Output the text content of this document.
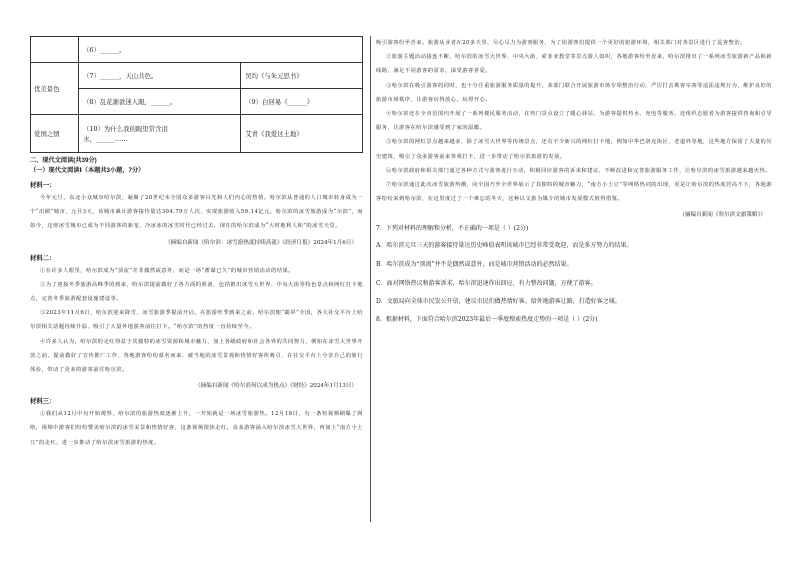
	（6）______。	
优美景色	（7）______，天山共色。	吴均《与朱元思书》
	（8）乱花渐欲迷人眼，______。	（9）白居易《______》
爱国之情	（10）为什么我的眼里常含泪
水，______……	艾青《我爱这土地》
二、现代文阅读(共39分)
（一）现代文阅读Ⅰ（本题共3小题，7分）
材料一：

今年元旦，东北小众城市哈尔滨，凝聚了20世纪末全国众多游客目光和人们内心的热情。哈尔滨从普通的人口城市转身成为一个“出圈”城市，元旦3天，该城市累计游客接待量达304.79万人次，实现旅游收入59.14亿元。哈尔滨的冰雪旅游成为“尔滨”，而如今，这座冰雪城市已成为不同游客的新宠，冷冰冰的冰雪时代已经过去，现在的哈尔滨成为“大时地利人和”的冰雪天堂。

（摘编自新闻《哈尔滨：冰雪游热度持续高涨》《经济日报》2024年1月6日）

材料二：

①在许多人眼里，哈尔滨成为“顶流”并非偶然或意外，而是一场“蓄谋已久”的城市营销活动的结果。

②为了迎接冬季旅游高峰季的到来，哈尔滨提前做好了各方面的准备，包括推出冰雪大世界、中央大街等特色景点和网红打卡地点，完善冬季旅游配套设施建设等。

③2023年11月6日，哈尔滨迎来降雪，冰雪旅游季提前开启。在旅游旺季到来之前，哈尔滨便“霸屏”全国，各大社交平台上哈尔滨相关话题持续升温，吸引了大量外地游客前往打卡。“哈尔滨”的热度一直持续至今。

④许多人认为，哈尔滨的走红得益于其独特的冰雪资源和城市魅力，加上各级政府和社会各界的共同努力，例如在冰雪大世界开放之前，提前做好了宣传推广工作，各地游客纷纷慕名而来，被当地的冰雪景观和热情好客所吸引，在社交平台上分享自己的旅行体验，带动了更多的游客前往哈尔滨。

（摘编自新闻《哈尔滨何以成为热点》《财经》2024年1月13日）

材料三：

①我们从12月中旬开始观察，哈尔滨的旅游热度逐渐上升，一开始就是一场冰雪旅游热。12月18日，有一条短视频刷爆了网络，视频中游客们纷纷赞美哈尔滨的冰雪美景和热情好客，这条视频很快走红，众多游客涌入哈尔滨冰雪大世界，再加上“南方小土豆”的走红，进一步推动了哈尔滨冰雪旅游的热度。

吸引游客纷至沓来。旅游从业者在20多天里，尽心尽力为游客服务，为了给游客们提供一个更好的旅游环境，相关部门对各景区进行了巡查整治。

②旅游主题活动接连不断，哈尔滨的冰雪大世界、中央大街、索菲亚教堂等景点游人如织，各地游客纷至沓来，哈尔滨推出了一系列冰雪旅游新产品和新线路，满足不同游客的需求，深受游客喜爱。

③哈尔滨在吸引游客的同时，也十分注重旅游服务质量的提升。多部门联合开展旅游市场专项整治行动，严厉打击欺客宰客等违法违规行为，维护良好的旅游市场秩序，让游客玩得放心、玩得开心。

④哈尔滨还在全市范围内开展了一系列便民服务活动，在热门景点设立了暖心驿站，为游客提供热水、充电等服务，还组织志愿者为游客提供咨询和引导服务，让游客在哈尔滨感受到了家的温暖。

⑤哈尔滨的网红景点越来越多，除了冰雪大世界等传统景点，还有不少新兴的网红打卡地，例如中华巴洛克街区、老道外等地，这些地方保留了大量的历史建筑，吸引了众多游客前来参观打卡，进一步带动了哈尔滨旅游的发展。

⑥哈尔滨政府和相关部门通过各种方式与游客进行互动，积极回应游客的诉求和建议，不断改进和完善旅游服务工作，让哈尔滨的冰雪旅游越来越火热。

⑦哈尔滨通过此次冰雪旅游热潮，向全国乃至全世界展示了其独特的城市魅力，“南方小土豆”等网络热词的出现，更是让哈尔滨的热度居高不下，各地游客纷纷来到哈尔滨，在这里度过了一个难忘的冬天，这种以文旅为媒介的城市发展模式值得借鉴。

（摘编自新闻《哈尔滨文旅策略》）

7．下列对材料的理解和分析，不正确的一项是（ ）(2分)

A．哈尔滨元旦三天的游客接待量达历史峰值表明该城市已经非常受欢迎，而是多方努力的结果。

B．哈尔滨成为“顶流”并不是偶然或意外，而是城市营销活动的必然结果。

C．面对网络热议和游客诉求，哈尔滨迅速作出回应，有力整改问题，方便了游客。

D．文旅局向全体市民发公开信，建议市民们做热情好客、给外地游客让路，打造好客之城。

8．根据材料，下面符合哈尔滨2023年最后一季度搜索热度走势的一项是（ ）(2分)
